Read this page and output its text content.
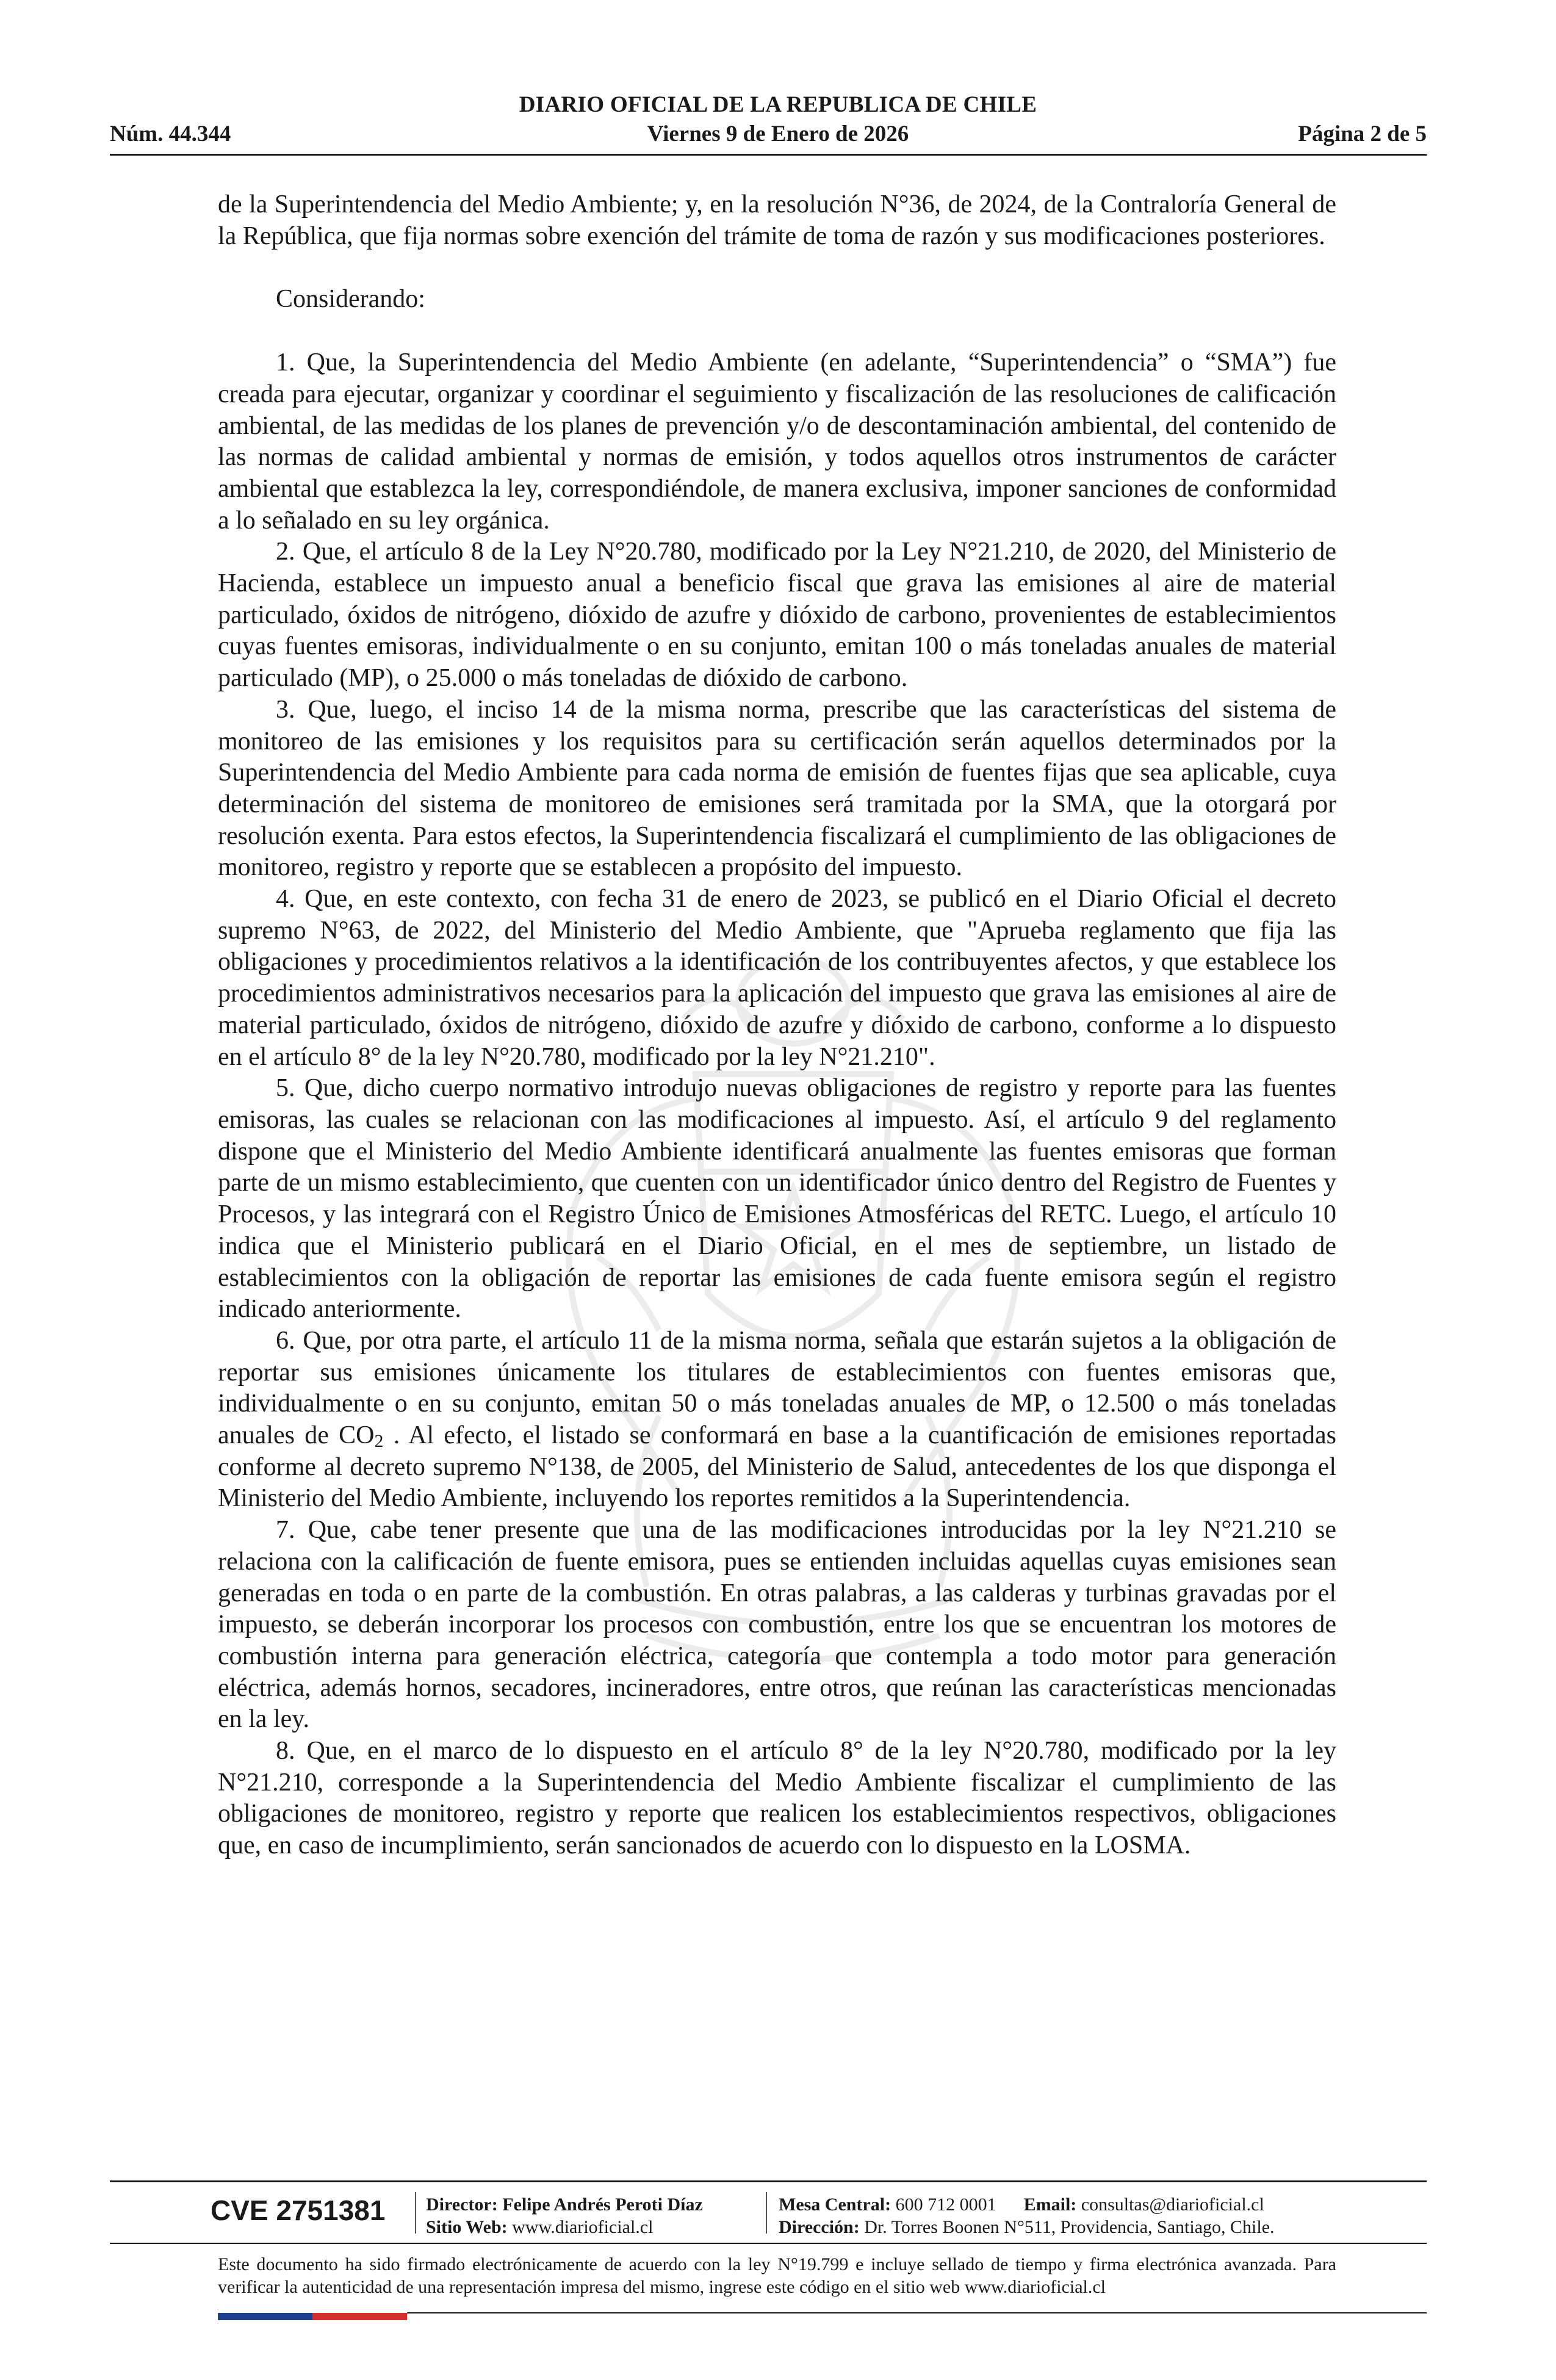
DIARIO OFICIAL DE LA REPUBLICA DE CHILE
Núm. 44.344	Viernes 9 de Enero de 2026	Página 2 de 5

de la Superintendencia del Medio Ambiente; y, en la resolución N°36, de 2024, de la Contraloría General de la República, que fija normas sobre exención del trámite de toma de razón y sus modificaciones posteriores.

Considerando:

1. Que, la Superintendencia del Medio Ambiente (en adelante, “Superintendencia” o “SMA”) fue creada para ejecutar, organizar y coordinar el seguimiento y fiscalización de las resoluciones de calificación ambiental, de las medidas de los planes de prevención y/o de descontaminación ambiental, del contenido de las normas de calidad ambiental y normas de emisión, y todos aquellos otros instrumentos de carácter ambiental que establezca la ley, correspondiéndole, de manera exclusiva, imponer sanciones de conformidad a lo señalado en su ley orgánica.

2. Que, el artículo 8 de la Ley N°20.780, modificado por la Ley N°21.210, de 2020, del Ministerio de Hacienda, establece un impuesto anual a beneficio fiscal que grava las emisiones al aire de material particulado, óxidos de nitrógeno, dióxido de azufre y dióxido de carbono, provenientes de establecimientos cuyas fuentes emisoras, individualmente o en su conjunto, emitan 100 o más toneladas anuales de material particulado (MP), o 25.000 o más toneladas de dióxido de carbono.

3. Que, luego, el inciso 14 de la misma norma, prescribe que las características del sistema de monitoreo de las emisiones y los requisitos para su certificación serán aquellos determinados por la Superintendencia del Medio Ambiente para cada norma de emisión de fuentes fijas que sea aplicable, cuya determinación del sistema de monitoreo de emisiones será tramitada por la SMA, que la otorgará por resolución exenta. Para estos efectos, la Superintendencia fiscalizará el cumplimiento de las obligaciones de monitoreo, registro y reporte que se establecen a propósito del impuesto.

4. Que, en este contexto, con fecha 31 de enero de 2023, se publicó en el Diario Oficial el decreto supremo N°63, de 2022, del Ministerio del Medio Ambiente, que "Aprueba reglamento que fija las obligaciones y procedimientos relativos a la identificación de los contribuyentes afectos, y que establece los procedimientos administrativos necesarios para la aplicación del impuesto que grava las emisiones al aire de material particulado, óxidos de nitrógeno, dióxido de azufre y dióxido de carbono, conforme a lo dispuesto en el artículo 8° de la ley N°20.780, modificado por la ley N°21.210".

5. Que, dicho cuerpo normativo introdujo nuevas obligaciones de registro y reporte para las fuentes emisoras, las cuales se relacionan con las modificaciones al impuesto. Así, el artículo 9 del reglamento dispone que el Ministerio del Medio Ambiente identificará anualmente las fuentes emisoras que forman parte de un mismo establecimiento, que cuenten con un identificador único dentro del Registro de Fuentes y Procesos, y las integrará con el Registro Único de Emisiones Atmosféricas del RETC. Luego, el artículo 10 indica que el Ministerio publicará en el Diario Oficial, en el mes de septiembre, un listado de establecimientos con la obligación de reportar las emisiones de cada fuente emisora según el registro indicado anteriormente.

6. Que, por otra parte, el artículo 11 de la misma norma, señala que estarán sujetos a la obligación de reportar sus emisiones únicamente los titulares de establecimientos con fuentes emisoras que, individualmente o en su conjunto, emitan 50 o más toneladas anuales de MP, o 12.500 o más toneladas anuales de $CO_2$ . Al efecto, el listado se conformará en base a la cuantificación de emisiones reportadas conforme al decreto supremo N°138, de 2005, del Ministerio de Salud, antecedentes de los que disponga el Ministerio del Medio Ambiente, incluyendo los reportes remitidos a la Superintendencia.

7. Que, cabe tener presente que una de las modificaciones introducidas por la ley N°21.210 se relaciona con la calificación de fuente emisora, pues se entienden incluidas aquellas cuyas emisiones sean generadas en toda o en parte de la combustión. En otras palabras, a las calderas y turbinas gravadas por el impuesto, se deberán incorporar los procesos con combustión, entre los que se encuentran los motores de combustión interna para generación eléctrica, categoría que contempla a todo motor para generación eléctrica, además hornos, secadores, incineradores, entre otros, que reúnan las características mencionadas en la ley.

8. Que, en el marco de lo dispuesto en el artículo 8° de la ley N°20.780, modificado por la ley N°21.210, corresponde a la Superintendencia del Medio Ambiente fiscalizar el cumplimiento de las obligaciones de monitoreo, registro y reporte que realicen los establecimientos respectivos, obligaciones que, en caso de incumplimiento, serán sancionados de acuerdo con lo dispuesto en la LOSMA.

CVE 2751381 Director: Felipe Andrés Peroti Díaz
Sitio Web: www.diarioficial.cl
Mesa Central: 600 712 0001 Email: consultas@diarioficial.cl
Dirección: Dr. Torres Boonen N°511, Providencia, Santiago, Chile.

Este documento ha sido firmado electrónicamente de acuerdo con la ley N°19.799 e incluye sellado de tiempo y firma electrónica avanzada. Para verificar la autenticidad de una representación impresa del mismo, ingrese este código en el sitio web www.diarioficial.cl
